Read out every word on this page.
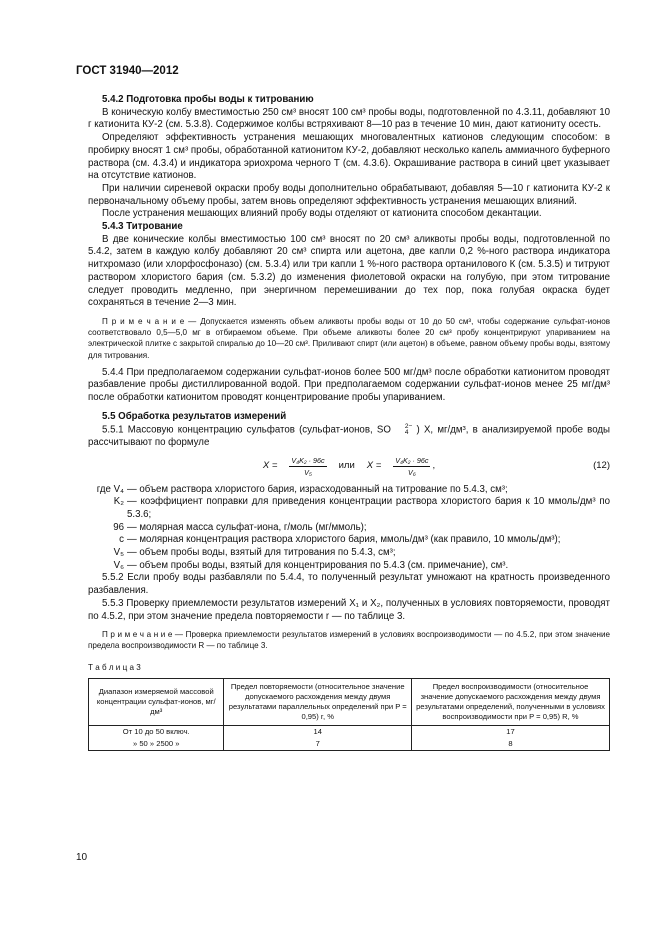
ГОСТ 31940—2012
5.4.2 Подготовка пробы воды к титрованию

В коническую колбу вместимостью 250 см³ вносят 100 см³ пробы воды, подготовленной по 4.3.11, добавляют 10 г катионита КУ-2 (см. 5.3.8). Содержимое колбы встряхивают 8—10 раз в течение 10 мин, дают катиониту осесть.

Определяют эффективность устранения мешающих многовалентных катионов следующим способом: в пробирку вносят 1 см³ пробы, обработанной катионитом КУ-2, добавляют несколько капель аммиачного буферного раствора (см. 4.3.4) и индикатора эриохрома черного Т (см. 4.3.6). Окрашивание раствора в синий цвет указывает на отсутствие катионов.

При наличии сиреневой окраски пробу воды дополнительно обрабатывают, добавляя 5—10 г катионита КУ-2 к первоначальному объему пробы, затем вновь определяют эффективность устранения мешающих влияний.

После устранения мешающих влияний пробу воды отделяют от катионита способом декантации.

5.4.3 Титрование

В две конические колбы вместимостью 100 см³ вносят по 20 см³ аликвоты пробы воды, подготовленной по 5.4.2, затем в каждую колбу добавляют 20 см³ спирта или ацетона, две капли 0,2 %-ного раствора индикатора нитхромазо (или хлорфосфоназо) (см. 5.3.4) или три капли 1 %-ного раствора ортанилового К (см. 5.3.5) и титруют раствором хлористого бария (см. 5.3.2) до изменения фиолетовой окраски на голубую, при этом титрование следует проводить медленно, при энергичном перемешивании до тех пор, пока голубая окраска будет сохраняться в течение 2—3 мин.

П р и м е ч а н и е — Допускается изменять объем аликвоты пробы воды от 10 до 50 см³, чтобы содержание сульфат-ионов соответствовало 0,5—5,0 мг в отбираемом объеме. При объеме аликвоты более 20 см³ пробу концентрируют упариванием на электрической плитке с закрытой спиралью до 10—20 см³. Приливают спирт (или ацетон) в объеме, равном объему пробы воды, взятому для титрования.

5.4.4 При предполагаемом содержании сульфат-ионов более 500 мг/дм³ после обработки катионитом проводят разбавление пробы дистиллированной водой. При предполагаемом содержании сульфат-ионов менее 25 мг/дм³ после обработки катионитом проводят концентрирование пробы упариванием.

5.5 Обработка результатов измерений

5.5.1 Массовую концентрацию сульфатов (сульфат-ионов, SO	2−
4 ) X, мг/дм³, в анализируемой пробе воды рассчитывают по формуле

$X = \frac{\text{V₄K₂ · 96c}}{\text{V₅}}$ или $X = \frac{\text{V₄K₂ · 96c}}{\text{V₆}}$ ,	(12)
где V₄ — объем раствора хлористого бария, израсходованный на титрование по 5.4.3, см³;
K₂ — коэффициент поправки для приведения концентрации раствора хлористого бария к 10 ммоль/дм³ по 5.3.6;
96 — молярная масса сульфат-иона, г/моль (мг/ммоль);
c — молярная концентрация раствора хлористого бария, ммоль/дм³ (как правило, 10 ммоль/дм³);
V₅ — объем пробы воды, взятый для титрования по 5.4.3, см³;
V₆ — объем пробы воды, взятый для концентрирования по 5.4.3 (см. примечание), см³.

5.5.2 Если пробу воды разбавляли по 5.4.4, то полученный результат умножают на кратность произведенного разбавления.

5.5.3 Проверку приемлемости результатов измерений X₁ и X₂, полученных в условиях повторяемости, проводят по 4.5.2, при этом значение предела повторяемости r — по таблице 3.

П р и м е ч а н и е — Проверка приемлемости результатов измерений в условиях воспроизводимости — по 4.5.2, при этом значение предела воспроизводимости R — по таблице 3.

Т а б л и ц а 3
Диапазон измеряемой массовой концентрации сульфат-ионов, мг/дм³	Предел повторяемости (относительное значение допускаемого расхождения между двумя результатами параллельных определений при P = 0,95) r, %	Предел воспроизводимости (относительное значение допускаемого расхождения между двумя результатами определений, полученными в условиях воспроизводимости при P = 0,95) R, %
От 10 до 50 включ.	14	17
» 50 » 2500 »	7	8
10
